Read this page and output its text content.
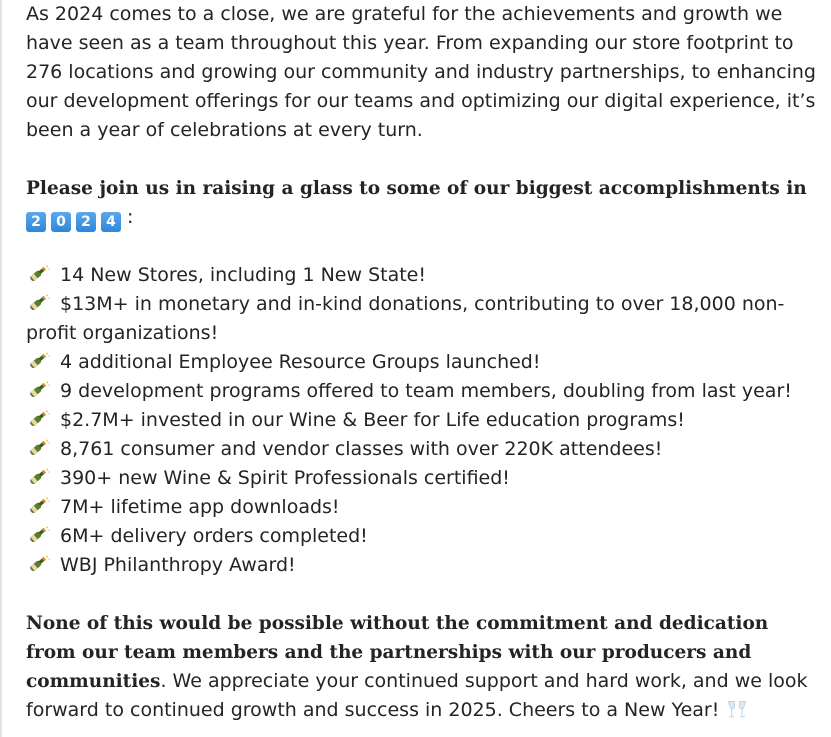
As 2024 comes to a close, we are grateful for the achievements and growth we have seen as a team throughout this year. From expanding our store footprint to 276 locations and growing our community and industry partnerships, to enhancing our development offerings for our teams and optimizing our digital experience, it’s been a year of celebrations at every turn.

Please join us in raising a glass to some of our biggest accomplishments in

2	0	2	4 :

14 New Stores, including 1 New State!
$13M+ in monetary and in-kind donations, contributing to over 18,000 non-profit organizations!
4 additional Employee Resource Groups launched!
9 development programs offered to team members, doubling from last year!
$2.7M+ invested in our Wine & Beer for Life education programs!
8,761 consumer and vendor classes with over 220K attendees!
390+ new Wine & Spirit Professionals certified!
7M+ lifetime app downloads!
6M+ delivery orders completed!
WBJ Philanthropy Award!

None of this would be possible without the commitment and dedication from our team members and the partnerships with our producers and communities. We appreciate your continued support and hard work, and we look forward to continued growth and success in 2025. Cheers to a New Year!
